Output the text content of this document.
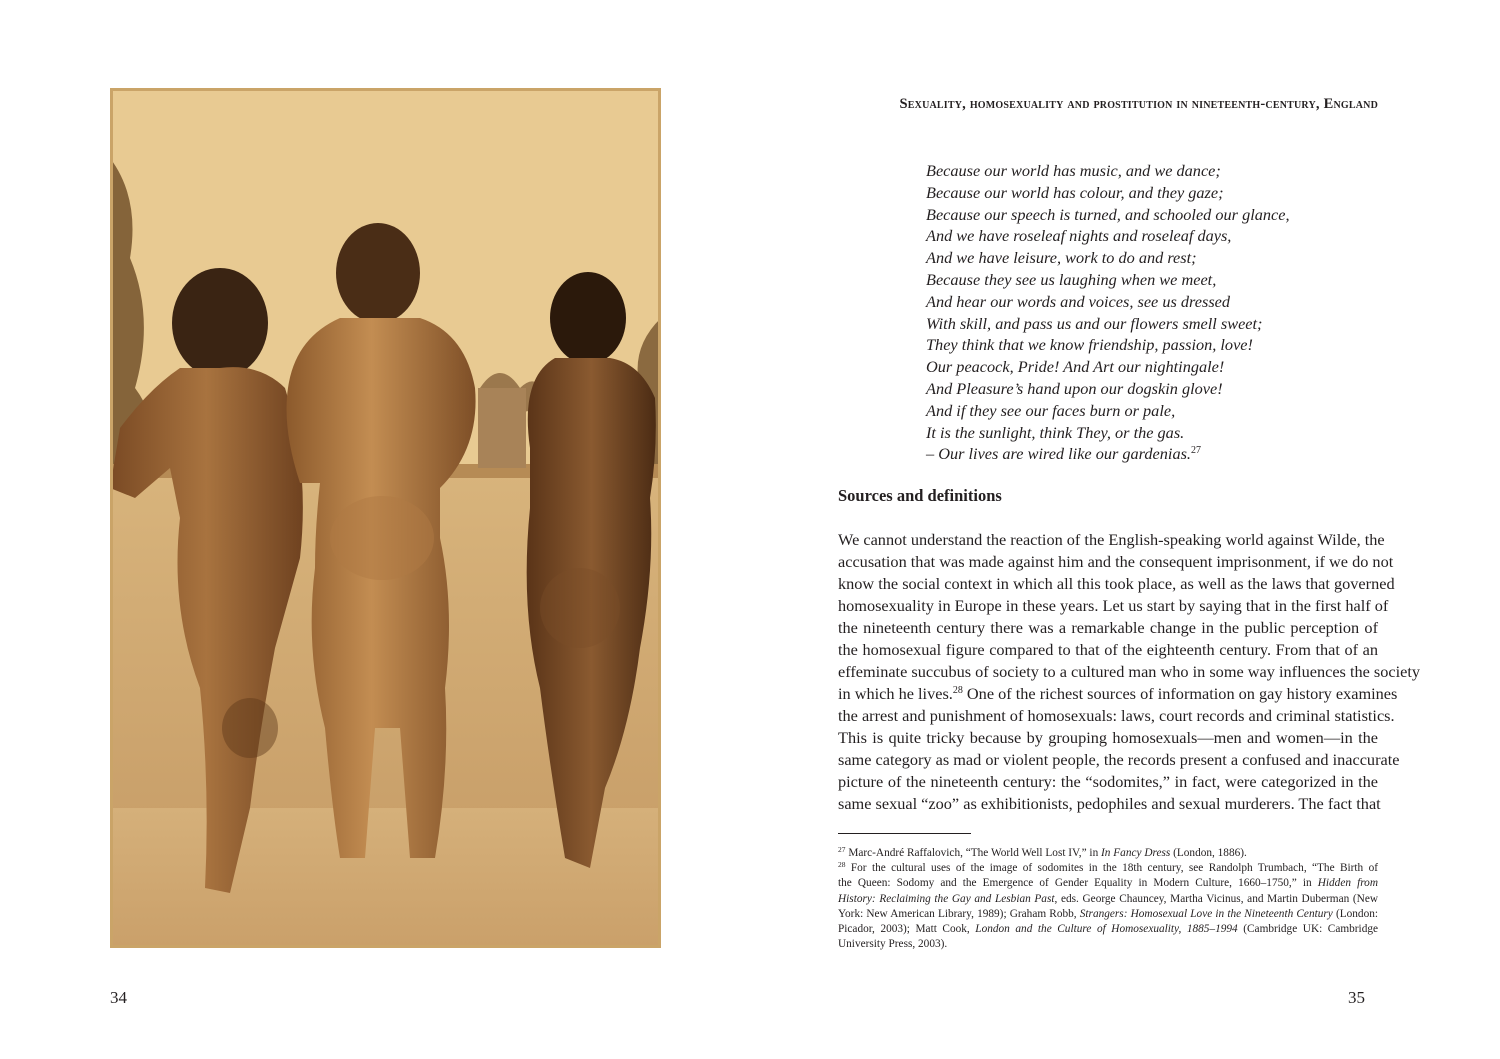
34
Sexuality, homosexuality and prostitution in nineteenth-century, England
Because our world has music, and we dance;
Because our world has colour, and they gaze;
Because our speech is turned, and schooled our glance,
And we have roseleaf nights and roseleaf days,
And we have leisure, work to do and rest;
Because they see us laughing when we meet,
And hear our words and voices, see us dressed
With skill, and pass us and our flowers smell sweet;
They think that we know friendship, passion, love!
Our peacock, Pride! And Art our nightingale!
And Pleasure’s hand upon our dogskin glove!
And if they see our faces burn or pale,
It is the sunlight, think They, or the gas.
– Our lives are wired like our gardenias.$^{27}$
Sources and definitions
We cannot understand the reaction of the English-speaking world against Wilde, the
accusation that was made against him and the consequent imprisonment, if we do not
know the social context in which all this took place, as well as the laws that governed
homosexuality in Europe in these years. Let us start by saying that in the first half of
the nineteenth century there was a remarkable change in the public perception of
the homosexual figure compared to that of the eighteenth century. From that of an
effeminate succubus of society to a cultured man who in some way influences the society
in which he lives.$^{28}$ One of the richest sources of information on gay history examines
the arrest and punishment of homosexuals: laws, court records and criminal statistics.
This is quite tricky because by grouping homosexuals—men and women—in the
same category as mad or violent people, the records present a confused and inaccurate
picture of the nineteenth century: the “sodomites,” in fact, were categorized in the
same sexual “zoo” as exhibitionists, pedophiles and sexual murderers. The fact that
$^{27}$ Marc-André Raffalovich, “The World Well Lost IV,” in In Fancy Dress (London, 1886).
$^{28}$ For the cultural uses of the image of sodomites in the 18th century, see Randolph Trumbach, “The Birth of
the Queen: Sodomy and the Emergence of Gender Equality in Modern Culture, 1660–1750,” in Hidden from
History: Reclaiming the Gay and Lesbian Past, eds. George Chauncey, Martha Vicinus, and Martin Duberman (New
York: New American Library, 1989); Graham Robb, Strangers: Homosexual Love in the Nineteenth Century (London:
Picador, 2003); Matt Cook, London and the Culture of Homosexuality, 1885–1994 (Cambridge UK: Cambridge
University Press, 2003).
35
